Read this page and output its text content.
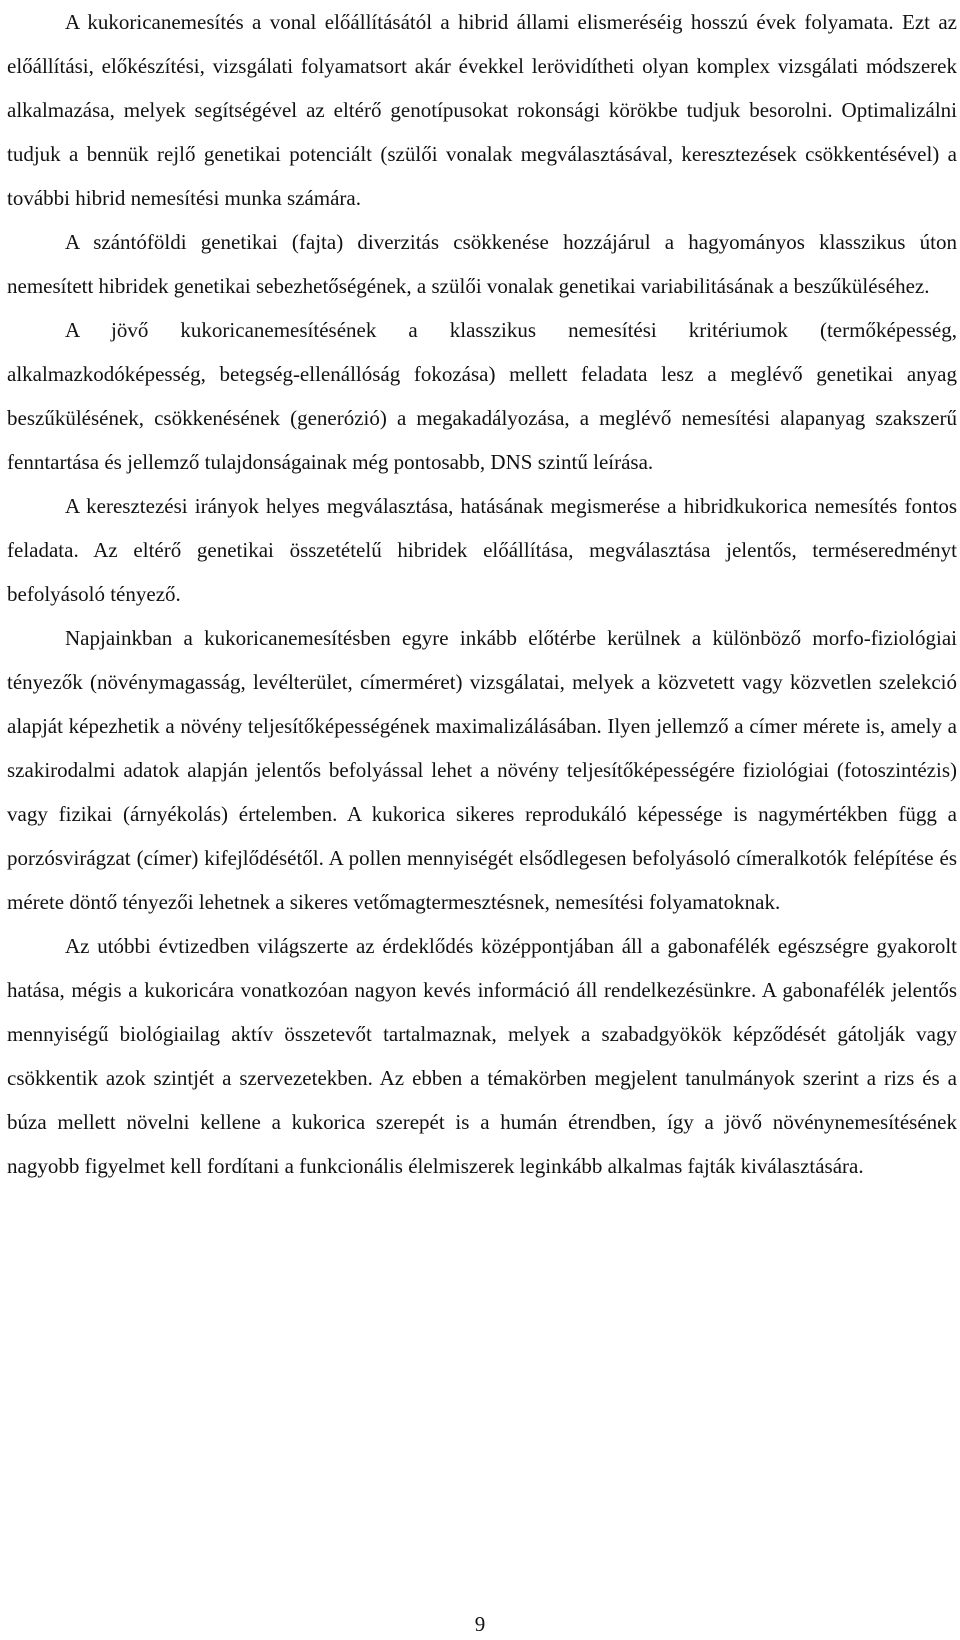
A kukoricanemesítés a vonal előállításától a hibrid állami elismeréséig hosszú évek folyamata. Ezt az előállítási, előkészítési, vizsgálati folyamatsort akár évekkel lerövidítheti olyan komplex vizsgálati módszerek alkalmazása, melyek segítségével az eltérő genotípusokat rokonsági körökbe tudjuk besorolni. Optimalizálni tudjuk a bennük rejlő genetikai potenciált (szülői vonalak megválasztásával, keresztezések csökkentésével) a további hibrid nemesítési munka számára.

A szántóföldi genetikai (fajta) diverzitás csökkenése hozzájárul a hagyományos klasszikus úton nemesített hibridek genetikai sebezhetőségének, a szülői vonalak genetikai variabilitásának a beszűküléséhez.

A jövő kukoricanemesítésének a klasszikus nemesítési kritériumok (termőképesség, alkalmazkodóképesség, betegség-ellenállóság fokozása) mellett feladata lesz a meglévő genetikai anyag beszűkülésének, csökkenésének (generózió) a megakadályozása, a meglévő nemesítési alapanyag szakszerű fenntartása és jellemző tulajdonságainak még pontosabb, DNS szintű leírása.

A keresztezési irányok helyes megválasztása, hatásának megismerése a hibridkukorica nemesítés fontos feladata. Az eltérő genetikai összetételű hibridek előállítása, megválasztása jelentős, terméseredményt befolyásoló tényező.

Napjainkban a kukoricanemesítésben egyre inkább előtérbe kerülnek a különböző morfo-fiziológiai tényezők (növénymagasság, levélterület, címerméret) vizsgálatai, melyek a közvetett vagy közvetlen szelekció alapját képezhetik a növény teljesítőképességének maximalizálásában. Ilyen jellemző a címer mérete is, amely a szakirodalmi adatok alapján jelentős befolyással lehet a növény teljesítőképességére fiziológiai (fotoszintézis) vagy fizikai (árnyékolás) értelemben. A kukorica sikeres reprodukáló képessége is nagymértékben függ a porzósvirágzat (címer) kifejlődésétől. A pollen mennyiségét elsődlegesen befolyásoló címeralkotók felépítése és mérete döntő tényezői lehetnek a sikeres vetőmagtermesztésnek, nemesítési folyamatoknak.

Az utóbbi évtizedben világszerte az érdeklődés középpontjában áll a gabonafélék egészségre gyakorolt hatása, mégis a kukoricára vonatkozóan nagyon kevés információ áll rendelkezésünkre. A gabonafélék jelentős mennyiségű biológiailag aktív összetevőt tartalmaznak, melyek a szabadgyökök képződését gátolják vagy csökkentik azok szintjét a szervezetekben. Az ebben a témakörben megjelent tanulmányok szerint a rizs és a búza mellett növelni kellene a kukorica szerepét is a humán étrendben, így a jövő növénynemesítésének nagyobb figyelmet kell fordítani a funkcionális élelmiszerek leginkább alkalmas fajták kiválasztására.

9
